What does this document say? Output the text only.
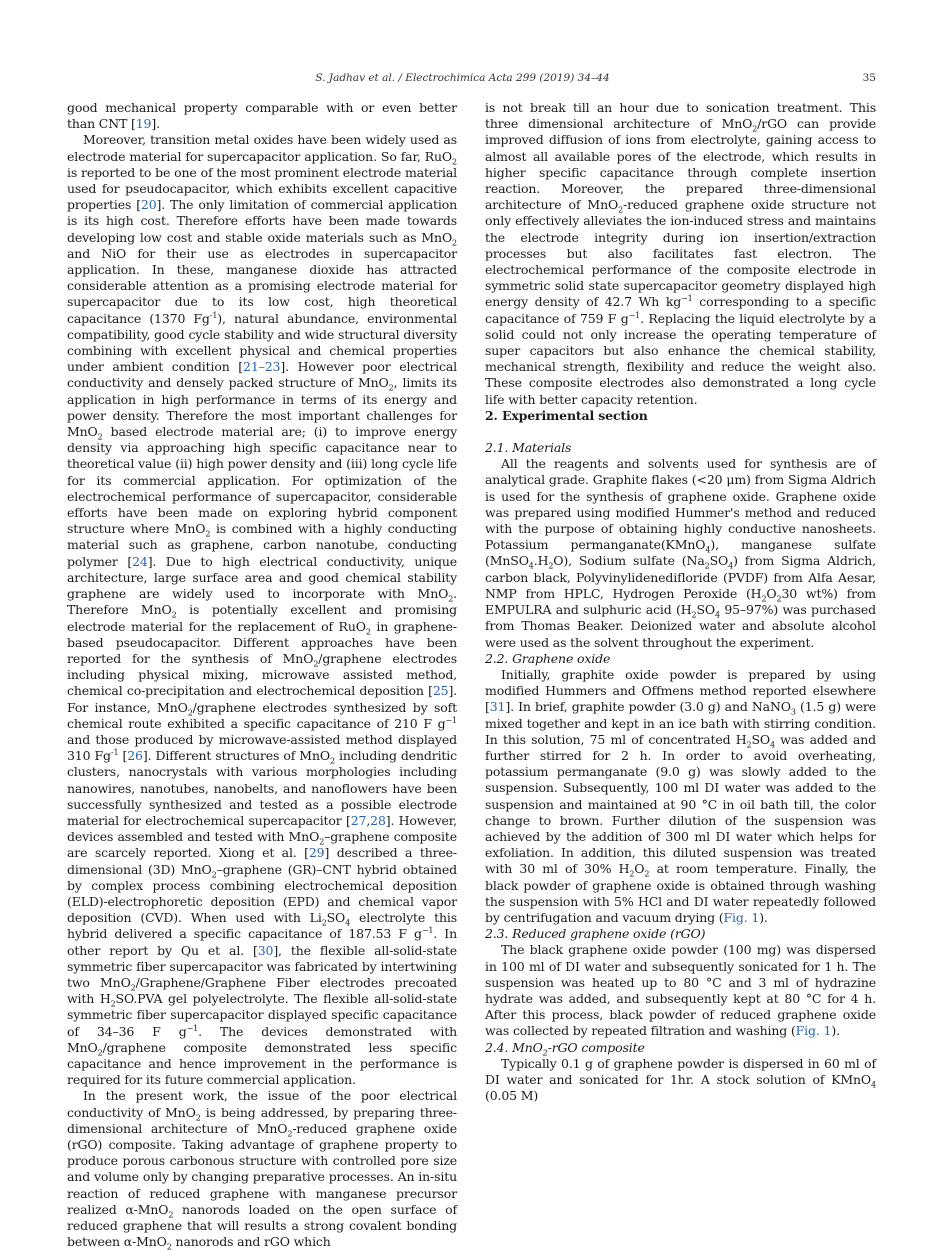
S. Jadhav et al. / Electrochimica Acta 299 (2019) 34–44	35

good mechanical property comparable with or even better than CNT [19].

Moreover, transition metal oxides have been widely used as electrode material for supercapacitor application. So far, RuO$_2$ is reported to be one of the most prominent electrode material used for pseudocapacitor, which exhibits excellent capacitive properties [20]. The only limitation of commercial application is its high cost. Therefore efforts have been made towards developing low cost and stable oxide materials such as MnO$_2$ and NiO for their use as electrodes in supercapacitor application. In these, manganese dioxide has attracted considerable attention as a promising electrode material for supercapacitor due to its low cost, high theoretical capacitance (1370 $Fg^{-1}$), natural abundance, environmental compatibility, good cycle stability and wide structural diversity combining with excellent physical and chemical properties under ambient condition [21–23]. However poor electrical conductivity and densely packed structure of MnO$_2$, limits its application in high performance in terms of its energy and power density. Therefore the most important challenges for MnO$_2$ based electrode material are; (i) to improve energy density via approaching high specific capacitance near to theoretical value (ii) high power density and (iii) long cycle life for its commercial application. For optimization of the electrochemical performance of supercapacitor, considerable efforts have been made on exploring hybrid component structure where MnO$_2$ is combined with a highly conducting material such as graphene, carbon nanotube, conducting polymer [24]. Due to high electrical conductivity, unique architecture, large surface area and good chemical stability graphene are widely used to incorporate with MnO$_2$. Therefore MnO$_2$ is potentially excellent and promising electrode material for the replacement of RuO$_2$ in graphene-based pseudocapacitor. Different approaches have been reported for the synthesis of MnO$_2$/graphene electrodes including physical mixing, microwave assisted method, chemical co-precipitation and electrochemical deposition [25]. For instance, MnO$_2$/graphene electrodes synthesized by soft chemical route exhibited a specific capacitance of 210 F $g^{-1}$ and those produced by microwave-assisted method displayed 310 $Fg^{-1}$ [26]. Different structures of MnO$_2$ including dendritic clusters, nanocrystals with various morphologies including nanowires, nanotubes, nanobelts, and nanoflowers have been successfully synthesized and tested as a possible electrode material for electrochemical supercapacitor [27,28]. However, devices assembled and tested with MnO$_2$–graphene composite are scarcely reported. Xiong et al. [29] described a three-dimensional (3D) MnO$_2$–graphene (GR)–CNT hybrid obtained by complex process combining electrochemical deposition (ELD)-electrophoretic deposition (EPD) and chemical vapor deposition (CVD). When used with $Li_2SO_4$ electrolyte this hybrid delivered a specific capacitance of 187.53 F $g^{-1}$. In other report by Qu et al. [30], the flexible all-solid-state symmetric fiber supercapacitor was fabricated by intertwining two MnO$_2$/Graphene/Graphene Fiber electrodes precoated with $H_2SO.PVA$ gel polyelectrolyte. The flexible all-solid-state symmetric fiber supercapacitor displayed specific capacitance of 34–36 F $g^{-1}$. The devices demonstrated with MnO$_2$/graphene composite demonstrated less specific capacitance and hence improvement in the performance is required for its future commercial application.

In the present work, the issue of the poor electrical conductivity of MnO$_2$ is being addressed, by preparing three-dimensional architecture of MnO$_2$-reduced graphene oxide (rGO) composite. Taking advantage of graphene property to produce porous carbonous structure with controlled pore size and volume only by changing preparative processes. An in-situ reaction of reduced graphene with manganese precursor realized α-MnO$_2$ nanorods loaded on the open surface of reduced graphene that will results a strong covalent bonding between α-MnO$_2$ nanorods and rGO which

is not break till an hour due to sonication treatment. This three dimensional architecture of MnO$_2$/rGO can provide improved diffusion of ions from electrolyte, gaining access to almost all available pores of the electrode, which results in higher specific capacitance through complete insertion reaction. Moreover, the prepared three-dimensional architecture of MnO$_2$-reduced graphene oxide structure not only effectively alleviates the ion-induced stress and maintains the electrode integrity during ion insertion/extraction processes but also facilitates fast electron. The electrochemical performance of the composite electrode in symmetric solid state supercapacitor geometry displayed high energy density of 42.7 Wh $kg^{-1}$ corresponding to a specific capacitance of 759 F $g^{-1}$. Replacing the liquid electrolyte by a solid could not only increase the operating temperature of super capacitors but also enhance the chemical stability, mechanical strength, flexibility and reduce the weight also. These composite electrodes also demonstrated a long cycle life with better capacity retention.

2. Experimental section

2.1. Materials

All the reagents and solvents used for synthesis are of analytical grade. Graphite flakes (<20 μm) from Sigma Aldrich is used for the synthesis of graphene oxide. Graphene oxide was prepared using modified Hummer's method and reduced with the purpose of obtaining highly conductive nanosheets. Potassium permanganate(KMnO$_4$), manganese sulfate $(MnSO_4.H_2O)$, Sodium sulfate $(Na_2SO_4)$ from Sigma Aldrich, carbon black, Polyvinylidenedifloride (PVDF) from Alfa Aesar, NMP from HPLC, Hydrogen Peroxide ($H_2O_230$ wt%) from EMPULRA and sulphuric acid ($H_2SO_4$ 95–97%) was purchased from Thomas Beaker. Deionized water and absolute alcohol were used as the solvent throughout the experiment.

2.2. Graphene oxide

Initially, graphite oxide powder is prepared by using modified Hummers and Offmens method reported elsewhere [31]. In brief, graphite powder (3.0 g) and NaNO$_3$ (1.5 g) were mixed together and kept in an ice bath with stirring condition. In this solution, 75 ml of concentrated $H_2SO_4$ was added and further stirred for 2 h. In order to avoid overheating, potassium permanganate (9.0 g) was slowly added to the suspension. Subsequently, 100 ml DI water was added to the suspension and maintained at 90 °C in oil bath till, the color change to brown. Further dilution of the suspension was achieved by the addition of 300 ml DI water which helps for exfoliation. In addition, this diluted suspension was treated with 30 ml of 30% $H_2O_2$ at room temperature. Finally, the black powder of graphene oxide is obtained through washing the suspension with 5% HCl and DI water repeatedly followed by centrifugation and vacuum drying (Fig. 1).

2.3. Reduced graphene oxide (rGO)

The black graphene oxide powder (100 mg) was dispersed in 100 ml of DI water and subsequently sonicated for 1 h. The suspension was heated up to 80 °C and 3 ml of hydrazine hydrate was added, and subsequently kept at 80 °C for 4 h. After this process, black powder of reduced graphene oxide was collected by repeated filtration and washing (Fig. 1).

2.4. MnO$_2$-rGO composite

Typically 0.1 g of graphene powder is dispersed in 60 ml of DI water and sonicated for 1hr. A stock solution of KMnO$_4$ (0.05 M)
